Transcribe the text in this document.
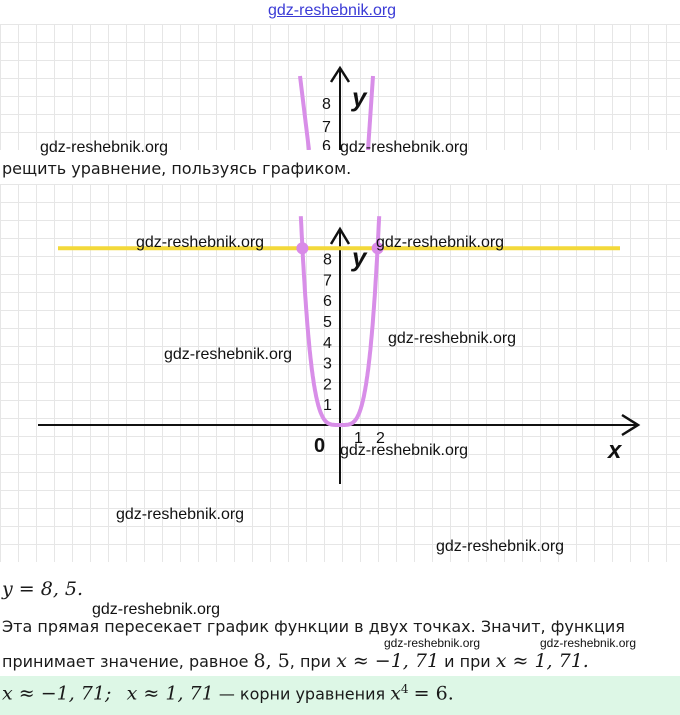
gdz-reshebnik.org
y
8
7
6
gdz-reshebnik.org	gdz-reshebnik.org
рещить уравнение, пользуясь графиком.
1
2
3
4
5
6
7
8
1 2
0
y
x
gdz-reshebnik.org	gdz-reshebnik.org
gdz-reshebnik.org
gdz-reshebnik.org
gdz-reshebnik.org
gdz-reshebnik.org
gdz-reshebnik.org
y = 8, 5.
gdz-reshebnik.org
Эта прямая пересекает график функции в двух точках. Значит, функция
gdz-reshebnik.org	gdz-reshebnik.org
принимает значение, равное 8, 5, при x ≈ −1, 71 и при x ≈ 1, 71.
x ≈ −1, 71; x ≈ 1, 71 — корни уравнения $x^4 = 6$.
